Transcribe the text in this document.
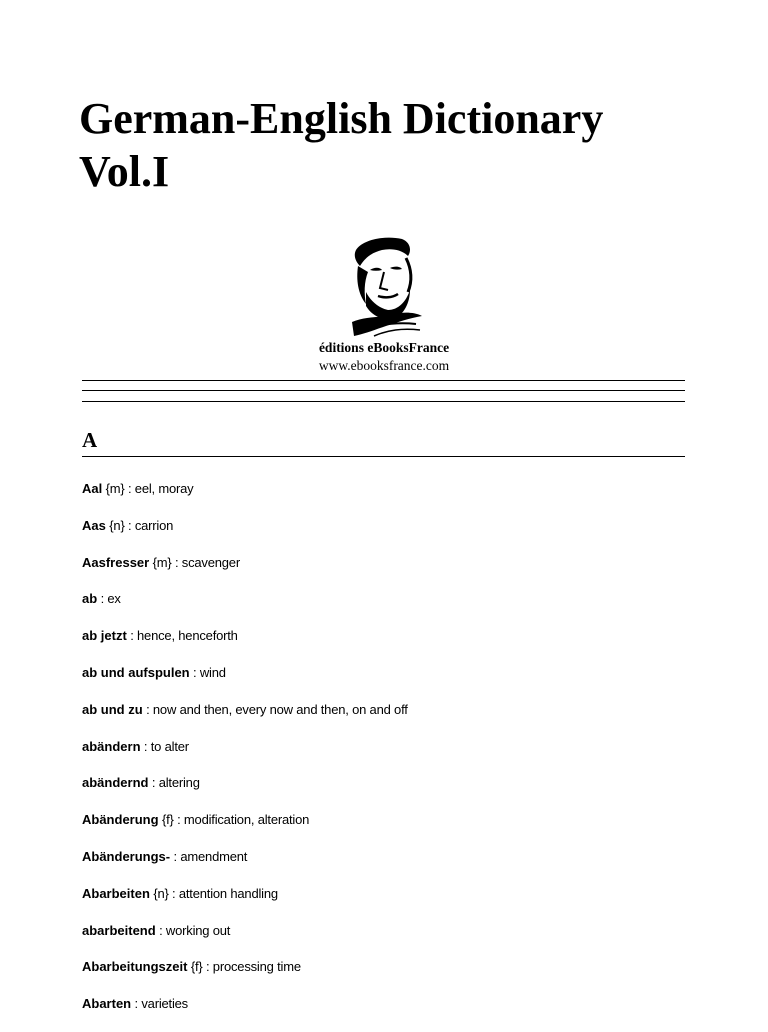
German-English Dictionary
Vol.I
éditions eBooksFrance
www.ebooksfrance.com
A
Aal {m} : eel, moray
Aas {n} : carrion
Aasfresser {m} : scavenger
ab : ex
ab jetzt : hence, henceforth
ab und aufspulen : wind
ab und zu : now and then, every now and then, on and off
abändern : to alter
abändernd : altering
Abänderung {f} : modification, alteration
Abänderungs- : amendment
Abarbeiten {n} : attention handling
abarbeitend : working out
Abarbeitungszeit {f} : processing time
Abarten : varieties
